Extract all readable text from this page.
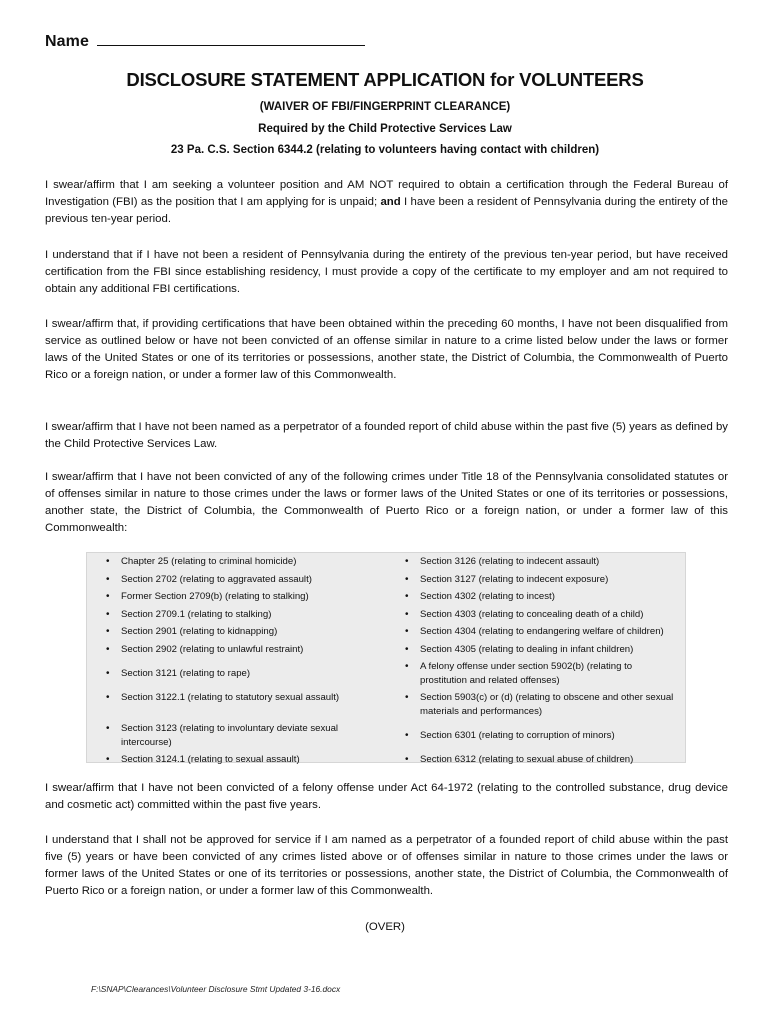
Name
DISCLOSURE STATEMENT APPLICATION for VOLUNTEERS
(WAIVER OF FBI/FINGERPRINT CLEARANCE)
Required by the Child Protective Services Law
23 Pa. C.S. Section 6344.2 (relating to volunteers having contact with children)

I swear/affirm that I am seeking a volunteer position and AM NOT required to obtain a certification through the Federal Bureau of Investigation (FBI) as the position that I am applying for is unpaid; and I have been a resident of Pennsylvania during the entirety of the previous ten-year period.

I understand that if I have not been a resident of Pennsylvania during the entirety of the previous ten-year period, but have received certification from the FBI since establishing residency, I must provide a copy of the certificate to my employer and am not required to obtain any additional FBI certifications.

I swear/affirm that, if providing certifications that have been obtained within the preceding 60 months, I have not been disqualified from service as outlined below or have not been convicted of an offense similar in nature to a crime listed below under the laws or former laws of the United States or one of its territories or possessions, another state, the District of Columbia, the Commonwealth of Puerto Rico or a foreign nation, or under a former law of this Commonwealth.

I swear/affirm that I have not been named as a perpetrator of a founded report of child abuse within the past five (5) years as defined by the Child Protective Services Law.

I swear/affirm that I have not been convicted of any of the following crimes under Title 18 of the Pennsylvania consolidated statutes or of offenses similar in nature to those crimes under the laws or former laws of the United States or one of its territories or possessions, another state, the District of Columbia, the Commonwealth of Puerto Rico or a foreign nation, or under a former law of this Commonwealth:

• Chapter 25 (relating to criminal homicide)
• Section 2702 (relating to aggravated assault)
• Former Section 2709(b) (relating to stalking)
• Section 2709.1 (relating to stalking)
• Section 2901 (relating to kidnapping)
• Section 2902 (relating to unlawful restraint)
• Section 3121 (relating to rape)
• Section 3122.1 (relating to statutory sexual assault)
• Section 3123 (relating to involuntary deviate sexual intercourse)
• Section 3124.1 (relating to sexual assault)
• Section 3126 (relating to indecent assault)
• Section 3127 (relating to indecent exposure)
• Section 4302 (relating to incest)
• Section 4303 (relating to concealing death of a child)
• Section 4304 (relating to endangering welfare of children)
• Section 4305 (relating to dealing in infant children)
• A felony offense under section 5902(b) (relating to prostitution and related offenses)
• Section 5903(c) or (d) (relating to obscene and other sexual materials and performances)
• Section 6301 (relating to corruption of minors)
• Section 6312 (relating to sexual abuse of children)

I swear/affirm that I have not been convicted of a felony offense under Act 64-1972 (relating to the controlled substance, drug device and cosmetic act) committed within the past five years.

I understand that I shall not be approved for service if I am named as a perpetrator of a founded report of child abuse within the past five (5) years or have been convicted of any crimes listed above or of offenses similar in nature to those crimes under the laws or former laws of the United States or one of its territories or possessions, another state, the District of Columbia, the Commonwealth of Puerto Rico or a foreign nation, or under a former law of this Commonwealth.

(OVER)
F:\SNAP\Clearances\Volunteer Disclosure Stmt Updated 3-16.docx
